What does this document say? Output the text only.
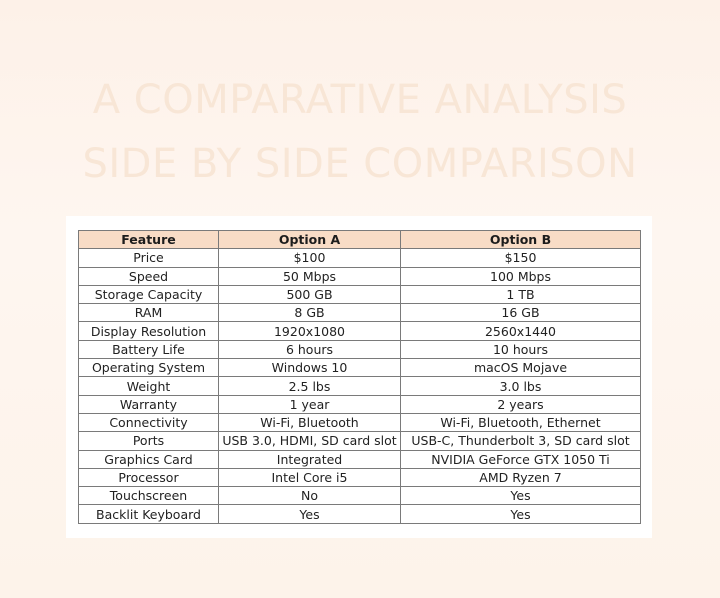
A COMPARATIVE ANALYSIS
SIDE BY SIDE COMPARISON
Feature	Option A	Option B
Price	$100	$150
Speed	50 Mbps	100 Mbps
Storage Capacity	500 GB	1 TB
RAM	8 GB	16 GB
Display Resolution	1920x1080	2560x1440
Battery Life	6 hours	10 hours
Operating System	Windows 10	macOS Mojave
Weight	2.5 lbs	3.0 lbs
Warranty	1 year	2 years
Connectivity	Wi-Fi, Bluetooth	Wi-Fi, Bluetooth, Ethernet
Ports	USB 3.0, HDMI, SD card slot	USB-C, Thunderbolt 3, SD card slot
Graphics Card	Integrated	NVIDIA GeForce GTX 1050 Ti
Processor	Intel Core i5	AMD Ryzen 7
Touchscreen	No	Yes
Backlit Keyboard	Yes	Yes
